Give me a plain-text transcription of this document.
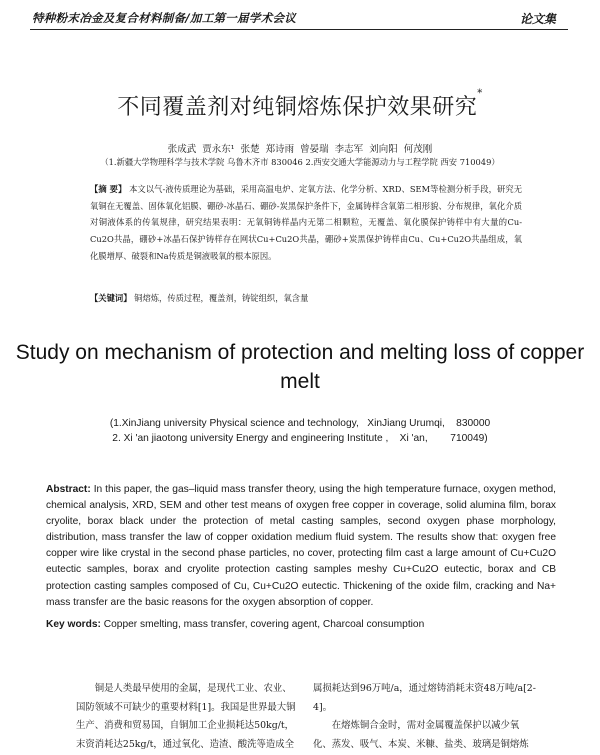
特种粉末冶金及复合材料制备/加工第一届学术会议	论文集
不同覆盖剂对纯铜熔炼保护效果研究*
张成武 贾永东¹ 张楚 郑诗雨 曾晏瑞 李志军 刘向阳 何茂刚
（1.新疆大学物理科学与技术学院 乌鲁木齐市 830046 2.西安交通大学能源动力与工程学院 西安 710049）
【摘 要】 本文以气-液传质理论为基础，采用高温电炉、定氧方法、化学分析、XRD、SEM等检测分析手段，研究无氧铜在无覆盖、固体氧化铝膜、硼砂-冰晶石、硼砂-炭黑保护条件下，金属铸样含氧第二相形貌、分布规律，氧化介质对铜液体系的传氧规律，研究结果表明：无氧铜铸样晶内无第二相颗粒，无覆盖、氧化膜保护铸样中有大量的Cu-Cu2O共晶，硼砂+冰晶石保护铸样存在网状Cu+Cu2O共晶，硼砂+炭黑保护铸样由Cu、Cu+Cu2O共晶组成，氧化膜增厚、破裂和Na传质是铜液吸氧的根本原因。
【关键词】 铜熔炼，传质过程，覆盖剂，铸锭组织，氧含量
Study on mechanism of protection and melting loss of copper melt
(1.XinJiang university Physical science and technology,   XinJiang Urumqi,    830000
2. Xi 'an jiaotong university Energy and engineering Institute ,    Xi 'an,        710049)
Abstract: In this paper, the gas–liquid mass transfer theory, using the high temperature furnace, oxygen method, chemical analysis, XRD, SEM and other test means of oxygen free copper in coverage, solid alumina film, borax cryolite, borax black under the protection of metal casting samples, second oxygen phase morphology, distribution, mass transfer the law of copper oxidation medium fluid system. The results show that: oxygen free copper wire like crystal in the second phase particles, no cover, protecting film cast a large amount of Cu+Cu2O eutectic samples, borax and cryolite protection casting samples meshy Cu+Cu2O eutectic, borax and CB protection casting samples composed of Cu, Cu+Cu2O eutectic. Thickening of the oxide film, cracking and Na+ mass transfer are the basic reasons for the oxygen absorption of copper.
Key words: Copper smelting, mass transfer, covering agent, Charcoal consumption

铜是人类最早使用的金属，是现代工业、农业、

国防领域不可缺少的重要材料[1]。我国是世界最大铜

生产、消费和贸易国，自铜加工企业损耗达50kg/t，

末资消耗达25kg/t，通过氧化、造渣、酸洗等造成全

属损耗达到96万吨/a，通过熔铸消耗末资48万吨/a[2-

4]。

在熔炼铜合金时，需对金属覆盖保护以减少氧

化、蒸发、吸气、本炭、米糠、盐类、玻璃是铜熔炼
